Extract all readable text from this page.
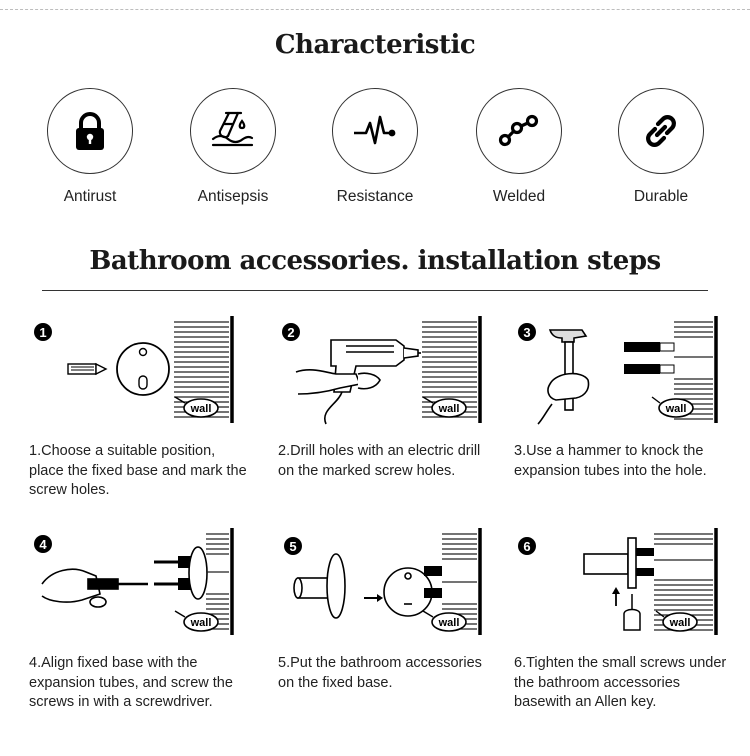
Characteristic
Antirust	Antisepsis	Resistance	Welded	Durable
Bathroom accessories. installation steps
1
wall
1.Choose a suitable position, place the fixed base and mark the screw holes.
2
wall
2.Drill holes with an electric drill on the marked screw holes.
3
wall
3.Use a hammer to knock the expansion tubes into the hole.
4
wall
4.Align fixed base with the expansion tubes, and screw the screws in with a screwdriver.
5
wall
5.Put the bathroom accessories on the fixed base.
6
wall
6.Tighten the small screws under the bathroom accessories basewith an Allen key.
